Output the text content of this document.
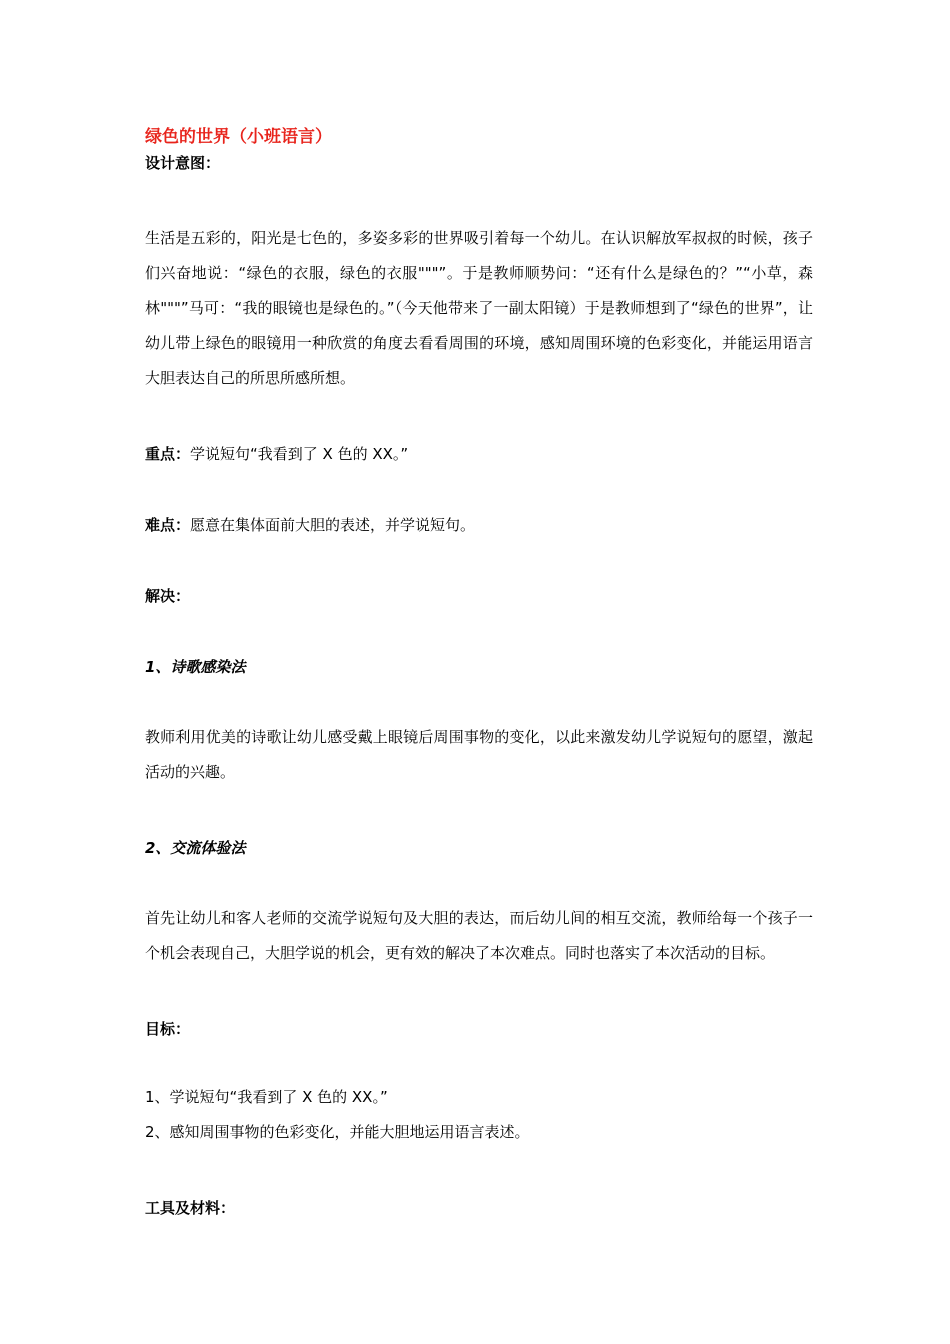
绿色的世界（小班语言）

设计意图：

生活是五彩的，阳光是七色的，多姿多彩的世界吸引着每一个幼儿。在认识解放军叔叔的时候，孩子们兴奋地说：“绿色的衣服，绿色的衣服"""”。于是教师顺势问：“还有什么是绿色的？”“小草，森林"""”马可：“我的眼镜也是绿色的。”（今天他带来了一副太阳镜）于是教师想到了“绿色的世界”，让幼儿带上绿色的眼镜用一种欣赏的角度去看看周围的环境，感知周围环境的色彩变化，并能运用语言大胆表达自己的所思所感所想。

重点：学说短句“我看到了 X 色的 XX。”

难点：愿意在集体面前大胆的表述，并学说短句。

解决：

1、诗歌感染法

教师利用优美的诗歌让幼儿感受戴上眼镜后周围事物的变化，以此来激发幼儿学说短句的愿望，激起活动的兴趣。

2、交流体验法

首先让幼儿和客人老师的交流学说短句及大胆的表达，而后幼儿间的相互交流，教师给每一个孩子一个机会表现自己，大胆学说的机会，更有效的解决了本次难点。同时也落实了本次活动的目标。

目标：

1、学说短句“我看到了 X 色的 XX。”

2、感知周围事物的色彩变化，并能大胆地运用语言表述。

工具及材料：
